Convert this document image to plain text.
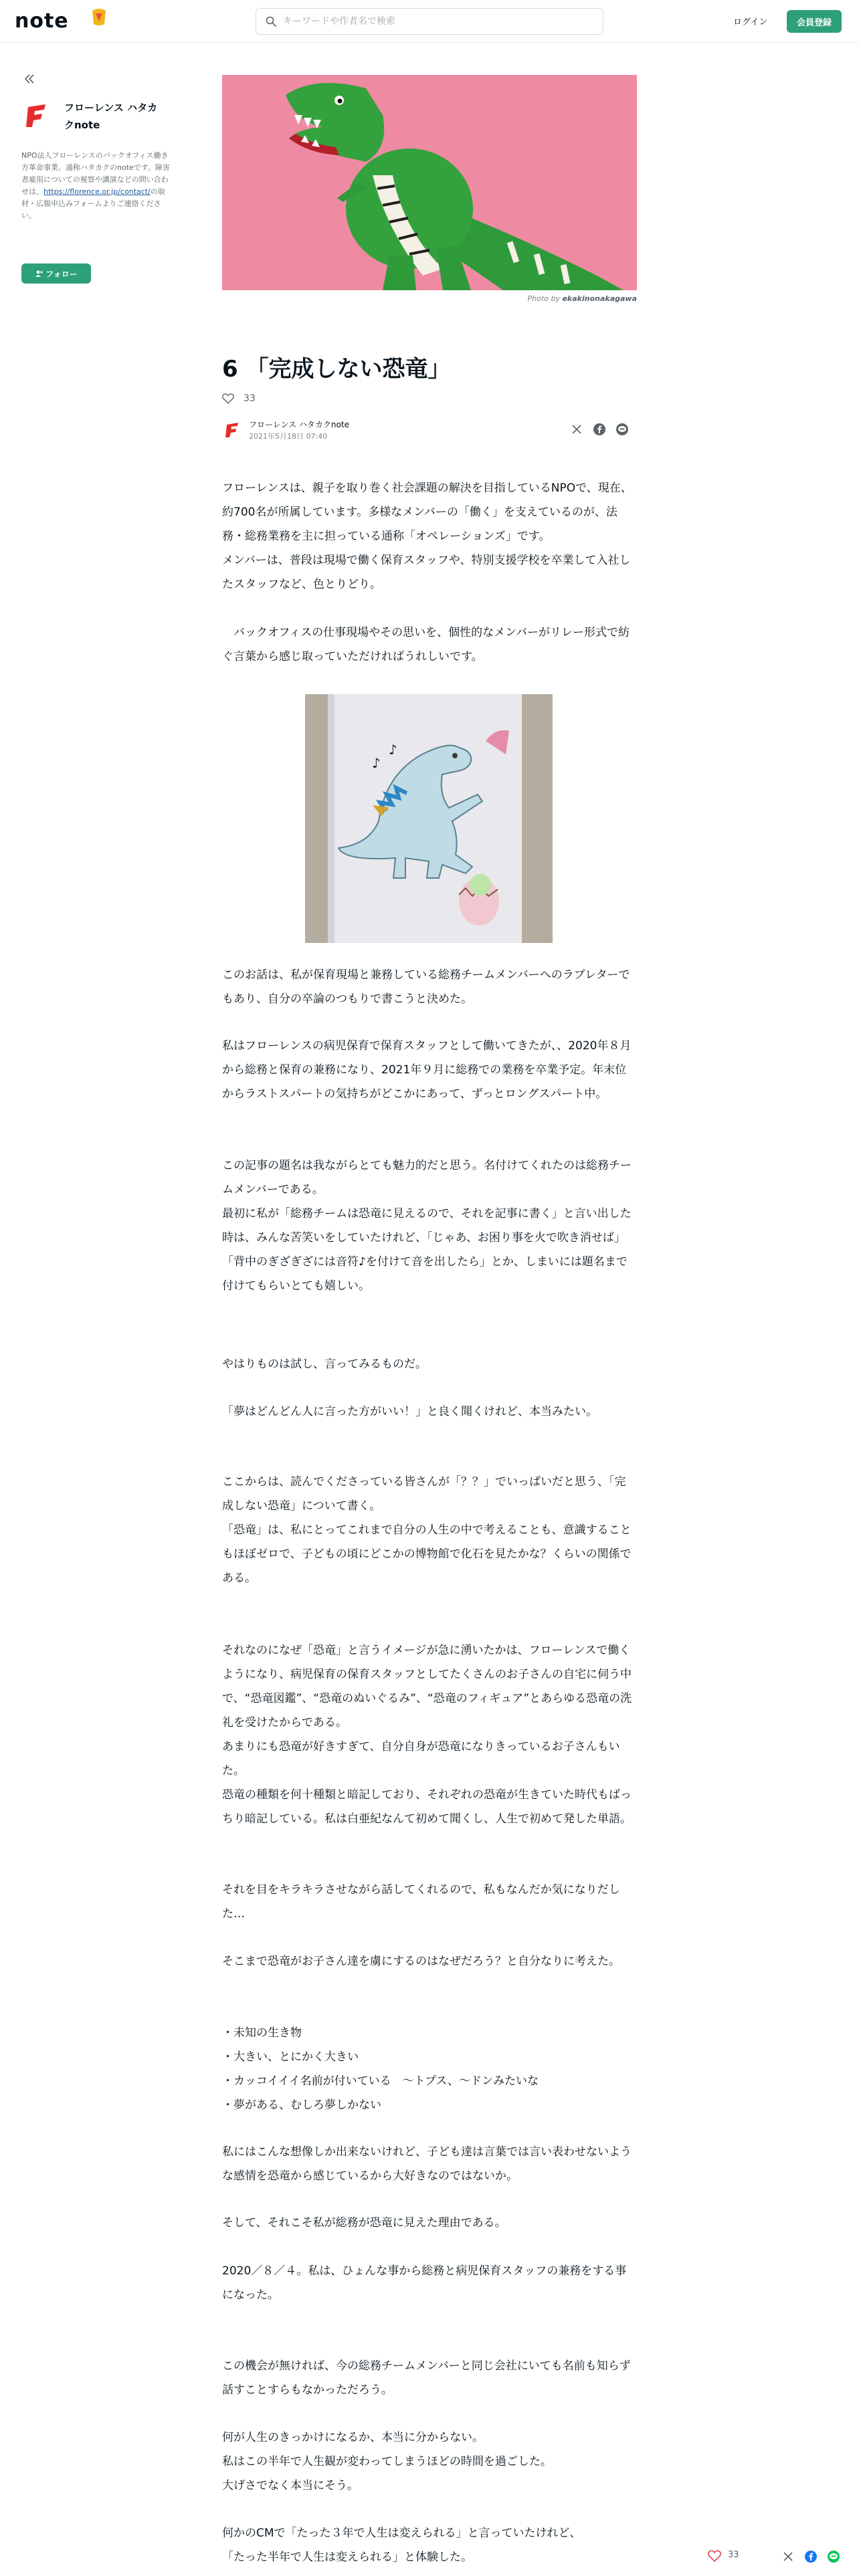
note
キーワードや作者名で検索	ログイン	会員登録
フローレンス ハタカクnote
NPO法人フローレンスのバックオフィス働き方革命事業。通称ハタカクのnoteです。障害者雇用についての視察や講演などの問い合わせは、https://florence.or.jp/contact/の取材・広報申込みフォームよりご連絡ください。
フォロー
Photo by ekakinonakagawa
6 「完成しない恐竜」
33
フローレンス ハタカクnote
2021年5月18日 07:40

フローレンスは、親子を取り巻く社会課題の解決を目指しているNPOで、現在、約700名が所属しています。多様なメンバーの「働く」を支えているのが、法務・総務業務を主に担っている通称「オペレーションズ」です。

メンバーは、普段は現場で働く保育スタッフや、特別支援学校を卒業して入社したスタッフなど、色とりどり。

　バックオフィスの仕事現場やその思いを、個性的なメンバーがリレー形式で紡ぐ言葉から感じ取っていただければうれしいです。

♪
♪

このお話は、私が保育現場と兼務している総務チームメンバーへのラブレターでもあり、自分の卒論のつもりで書こうと決めた。

私はフローレンスの病児保育で保育スタッフとして働いてきたが、、2020年８月から総務と保育の兼務になり、2021年９月に総務での業務を卒業予定。年末位からラストスパートの気持ちがどこかにあって、ずっとロングスパート中。

この記事の題名は我ながらとても魅力的だと思う。名付けてくれたのは総務チームメンバーである。

最初に私が「総務チームは恐竜に見えるので、それを記事に書く」と言い出した時は、みんな苦笑いをしていたけれど、「じゃあ、お困り事を火で吹き消せば」「背中のぎざぎざには音符♪を付けて音を出したら」とか、しまいには題名まで付けてもらいとても嬉しい。

やはりものは試し、言ってみるものだ。

「夢はどんどん人に言った方がいい！」と良く聞くけれど、本当みたい。

ここからは、読んでくださっている皆さんが「？？」でいっぱいだと思う、「完成しない恐竜」について書く。

「恐竜」は、私にとってこれまで自分の人生の中で考えることも、意識することもほぼゼロで、子どもの頃にどこかの博物館で化石を見たかな？くらいの関係である。

それなのになぜ「恐竜」と言うイメージが急に湧いたかは、フローレンスで働くようになり、病児保育の保育スタッフとしてたくさんのお子さんの自宅に伺う中で、“恐竜図鑑”、“恐竜のぬいぐるみ”、“恐竜のフィギュア”とあらゆる恐竜の洗礼を受けたからである。

あまりにも恐竜が好きすぎて、自分自身が恐竜になりきっているお子さんもいた。

恐竜の種類を何十種類と暗記しており、それぞれの恐竜が生きていた時代もばっちり暗記している。私は白亜紀なんて初めて聞くし、人生で初めて発した単語。

それを目をキラキラさせながら話してくれるので、私もなんだか気になりだした…

そこまで恐竜がお子さん達を虜にするのはなぜだろう？と自分なりに考えた。

・未知の生き物

・大きい、とにかく大きい

・カッコイイイ名前が付いている　～トプス、～ドンみたいな

・夢がある、むしろ夢しかない

私にはこんな想像しか出来ないけれど、子ども達は言葉では言い表わせないような感情を恐竜から感じているから大好きなのではないか。

そして、それこそ私が総務が恐竜に見えた理由である。

2020／８／４。私は、ひょんな事から総務と病児保育スタッフの兼務をする事になった。

この機会が無ければ、今の総務チームメンバーと同じ会社にいても名前も知らず話すことすらもなかっただろう。

何が人生のきっかけになるか、本当に分からない。

私はこの半年で人生観が変わってしまうほどの時間を過ごした。

大げさでなく本当にそう。

何かのCMで「たった３年で人生は変えられる」と言っていたけれど、

「たった半年で人生は変えられる」と体験した。	33
